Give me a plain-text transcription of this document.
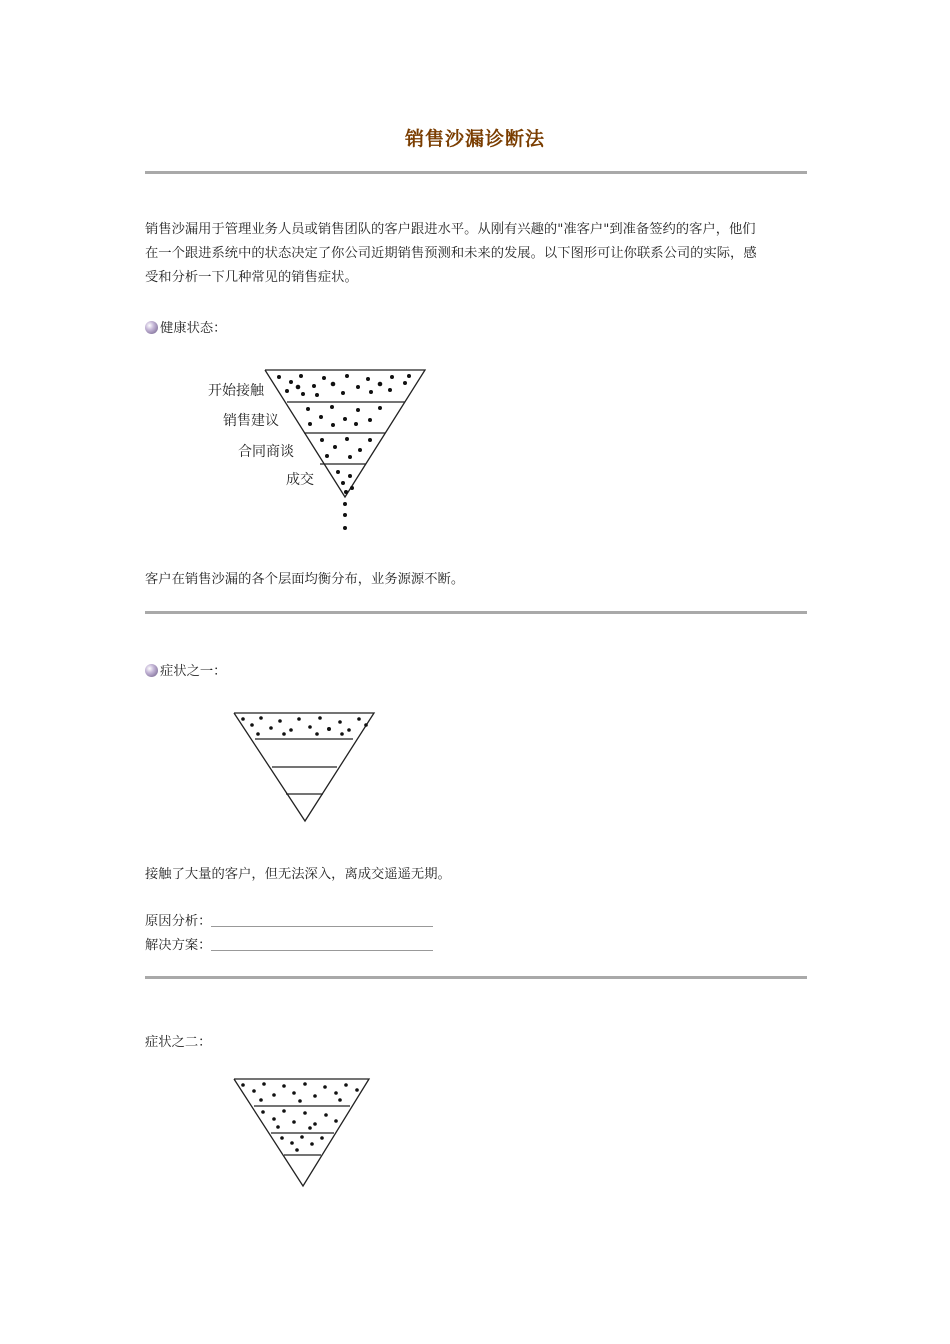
销售沙漏诊断法
销售沙漏用于管理业务人员或销售团队的客户跟进水平。从刚有兴趣的"准客户"到准备签约的客户，他们
在一个跟进系统中的状态决定了你公司近期销售预测和未来的发展。以下图形可让你联系公司的实际，感
受和分析一下几种常见的销售症状。
健康状态：
开始接触
销售建议
合同商谈
成交
客户在销售沙漏的各个层面均衡分布，业务源源不断。
症状之一：
接触了大量的客户，但无法深入，离成交遥遥无期。
原因分析：
解决方案：
症状之二：
